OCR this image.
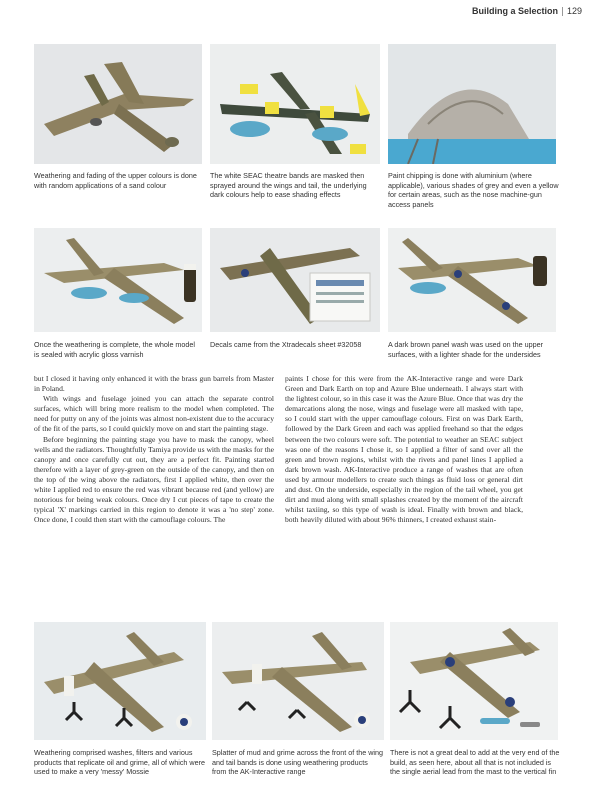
Building a Selection 129
Weathering and fading of the upper colours is done with random applications of a sand colour
The white SEAC theatre bands are masked then sprayed around the wings and tail, the underlying dark colours help to ease shading effects
Paint chipping is done with aluminium (where applicable), various shades of grey and even a yellow for certain areas, such as the nose machine-gun access panels
Once the weathering is complete, the whole model is sealed with acrylic gloss varnish
Decals came from the Xtradecals sheet #32058	A dark brown panel wash was used on the upper surfaces, with a lighter shade for the undersides

but I closed it having only enhanced it with the brass gun barrels from Master in Poland.

With wings and fuselage joined you can attach the separate control surfaces, which will bring more realism to the model when completed. The need for putty on any of the joints was almost non-existent due to the accuracy of the fit of the parts, so I could quickly move on and start the painting stage.

Before beginning the painting stage you have to mask the canopy, wheel wells and the radiators. Thoughtfully Tamiya provide us with the masks for the canopy and once carefully cut out, they are a perfect fit. Painting started therefore with a layer of grey-green on the outside of the canopy, and then on the top of the wing above the radiators, first I applied white, then over the white I applied red to ensure the red was vibrant because red (and yellow) are notorious for being weak colours. Once dry I cut pieces of tape to create the typical 'X' markings carried in this region to denote it was a 'no step' zone. Once done, I could then start with the camouflage colours. The

paints I chose for this were from the AK-Interactive range and were Dark Green and Dark Earth on top and Azure Blue underneath. I always start with the lightest colour, so in this case it was the Azure Blue. Once that was dry the demarcations along the nose, wings and fuselage were all masked with tape, so I could start with the upper camouflage colours. First on was Dark Earth, followed by the Dark Green and each was applied freehand so that the edges between the two colours were soft. The potential to weather an SEAC subject was one of the reasons I chose it, so I applied a filter of sand over all the green and brown regions, whilst with the rivets and panel lines I applied a dark brown wash. AK-Interactive produce a range of washes that are often used by armour modellers to create such things as fluid loss or general dirt and dust. On the underside, especially in the region of the tail wheel, you get dirt and mud along with small splashes created by the moment of the aircraft whilst taxiing, so this type of wash is ideal. Finally with brown and black, both heavily diluted with about 96% thinners, I created exhaust stain-

Weathering comprised washes, filters and various products that replicate oil and grime, all of which were used to make a very 'messy' Mossie
Splatter of mud and grime across the front of the wing and tail bands is done using weathering products from the AK-Interactive range
There is not a great deal to add at the very end of the build, as seen here, about all that is not included is the single aerial lead from the mast to the vertical fin
